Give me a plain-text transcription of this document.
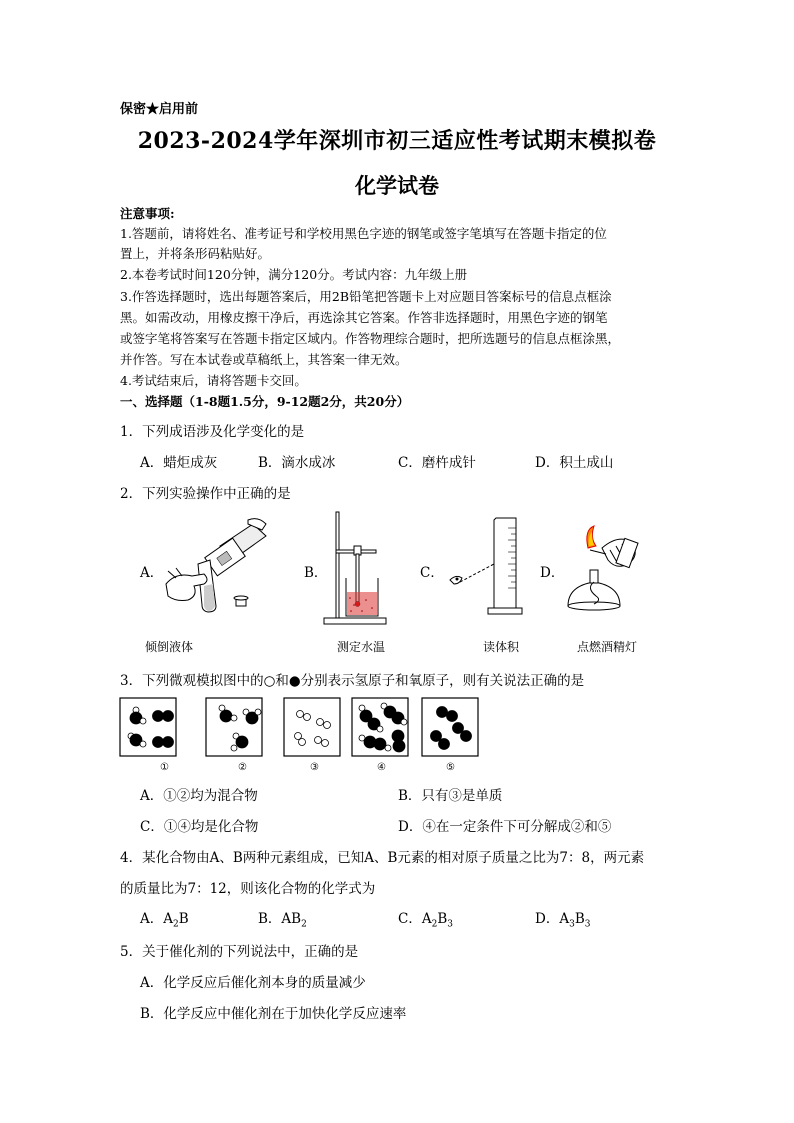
保密★启用前
2023-2024学年深圳市初三适应性考试期末模拟卷
化学试卷
注意事项:
1.答题前，请将姓名、准考证号和学校用黑色字迹的钢笔或签字笔填写在答题卡指定的位
置上，并将条形码粘贴好。
2.本卷考试时间120分钟，满分120分。考试内容：九年级上册
3.作答选择题时，选出每题答案后，用2B铅笔把答题卡上对应题目答案标号的信息点框涂
黑。如需改动，用橡皮擦干净后，再选涂其它答案。作答非选择题时，用黑色字迹的钢笔
或签字笔将答案写在答题卡指定区域内。作答物理综合题时，把所选题号的信息点框涂黑，
并作答。写在本试卷或草稿纸上，其答案一律无效。
4.考试结束后，请将答题卡交回。
一、选择题（1-8题1.5分，9-12题2分，共20分）
1．下列成语涉及化学变化的是
A．蜡炬成灰	B．滴水成冰	C．磨杵成针	D．积土成山
2．下列实验操作中正确的是
A．	B．	C．	D．
倾倒液体	测定水温	读体积	点燃酒精灯
3．下列微观模拟图中的○和●分别表示氢原子和氧原子，则有关说法正确的是
①	②	③	④	⑤
A．①②均为混合物	B．只有③是单质
C．①④均是化合物	D．④在一定条件下可分解成②和⑤
4．某化合物由A、B两种元素组成，已知A、B元素的相对原子质量之比为7：8，两元素
的质量比为7：12，则该化合物的化学式为
A．$A_2B$	B．$AB_2$	C．$A_2B_3$	D．$A_3B_3$
5．关于催化剂的下列说法中，正确的是
A．化学反应后催化剂本身的质量减少
B．化学反应中催化剂在于加快化学反应速率
